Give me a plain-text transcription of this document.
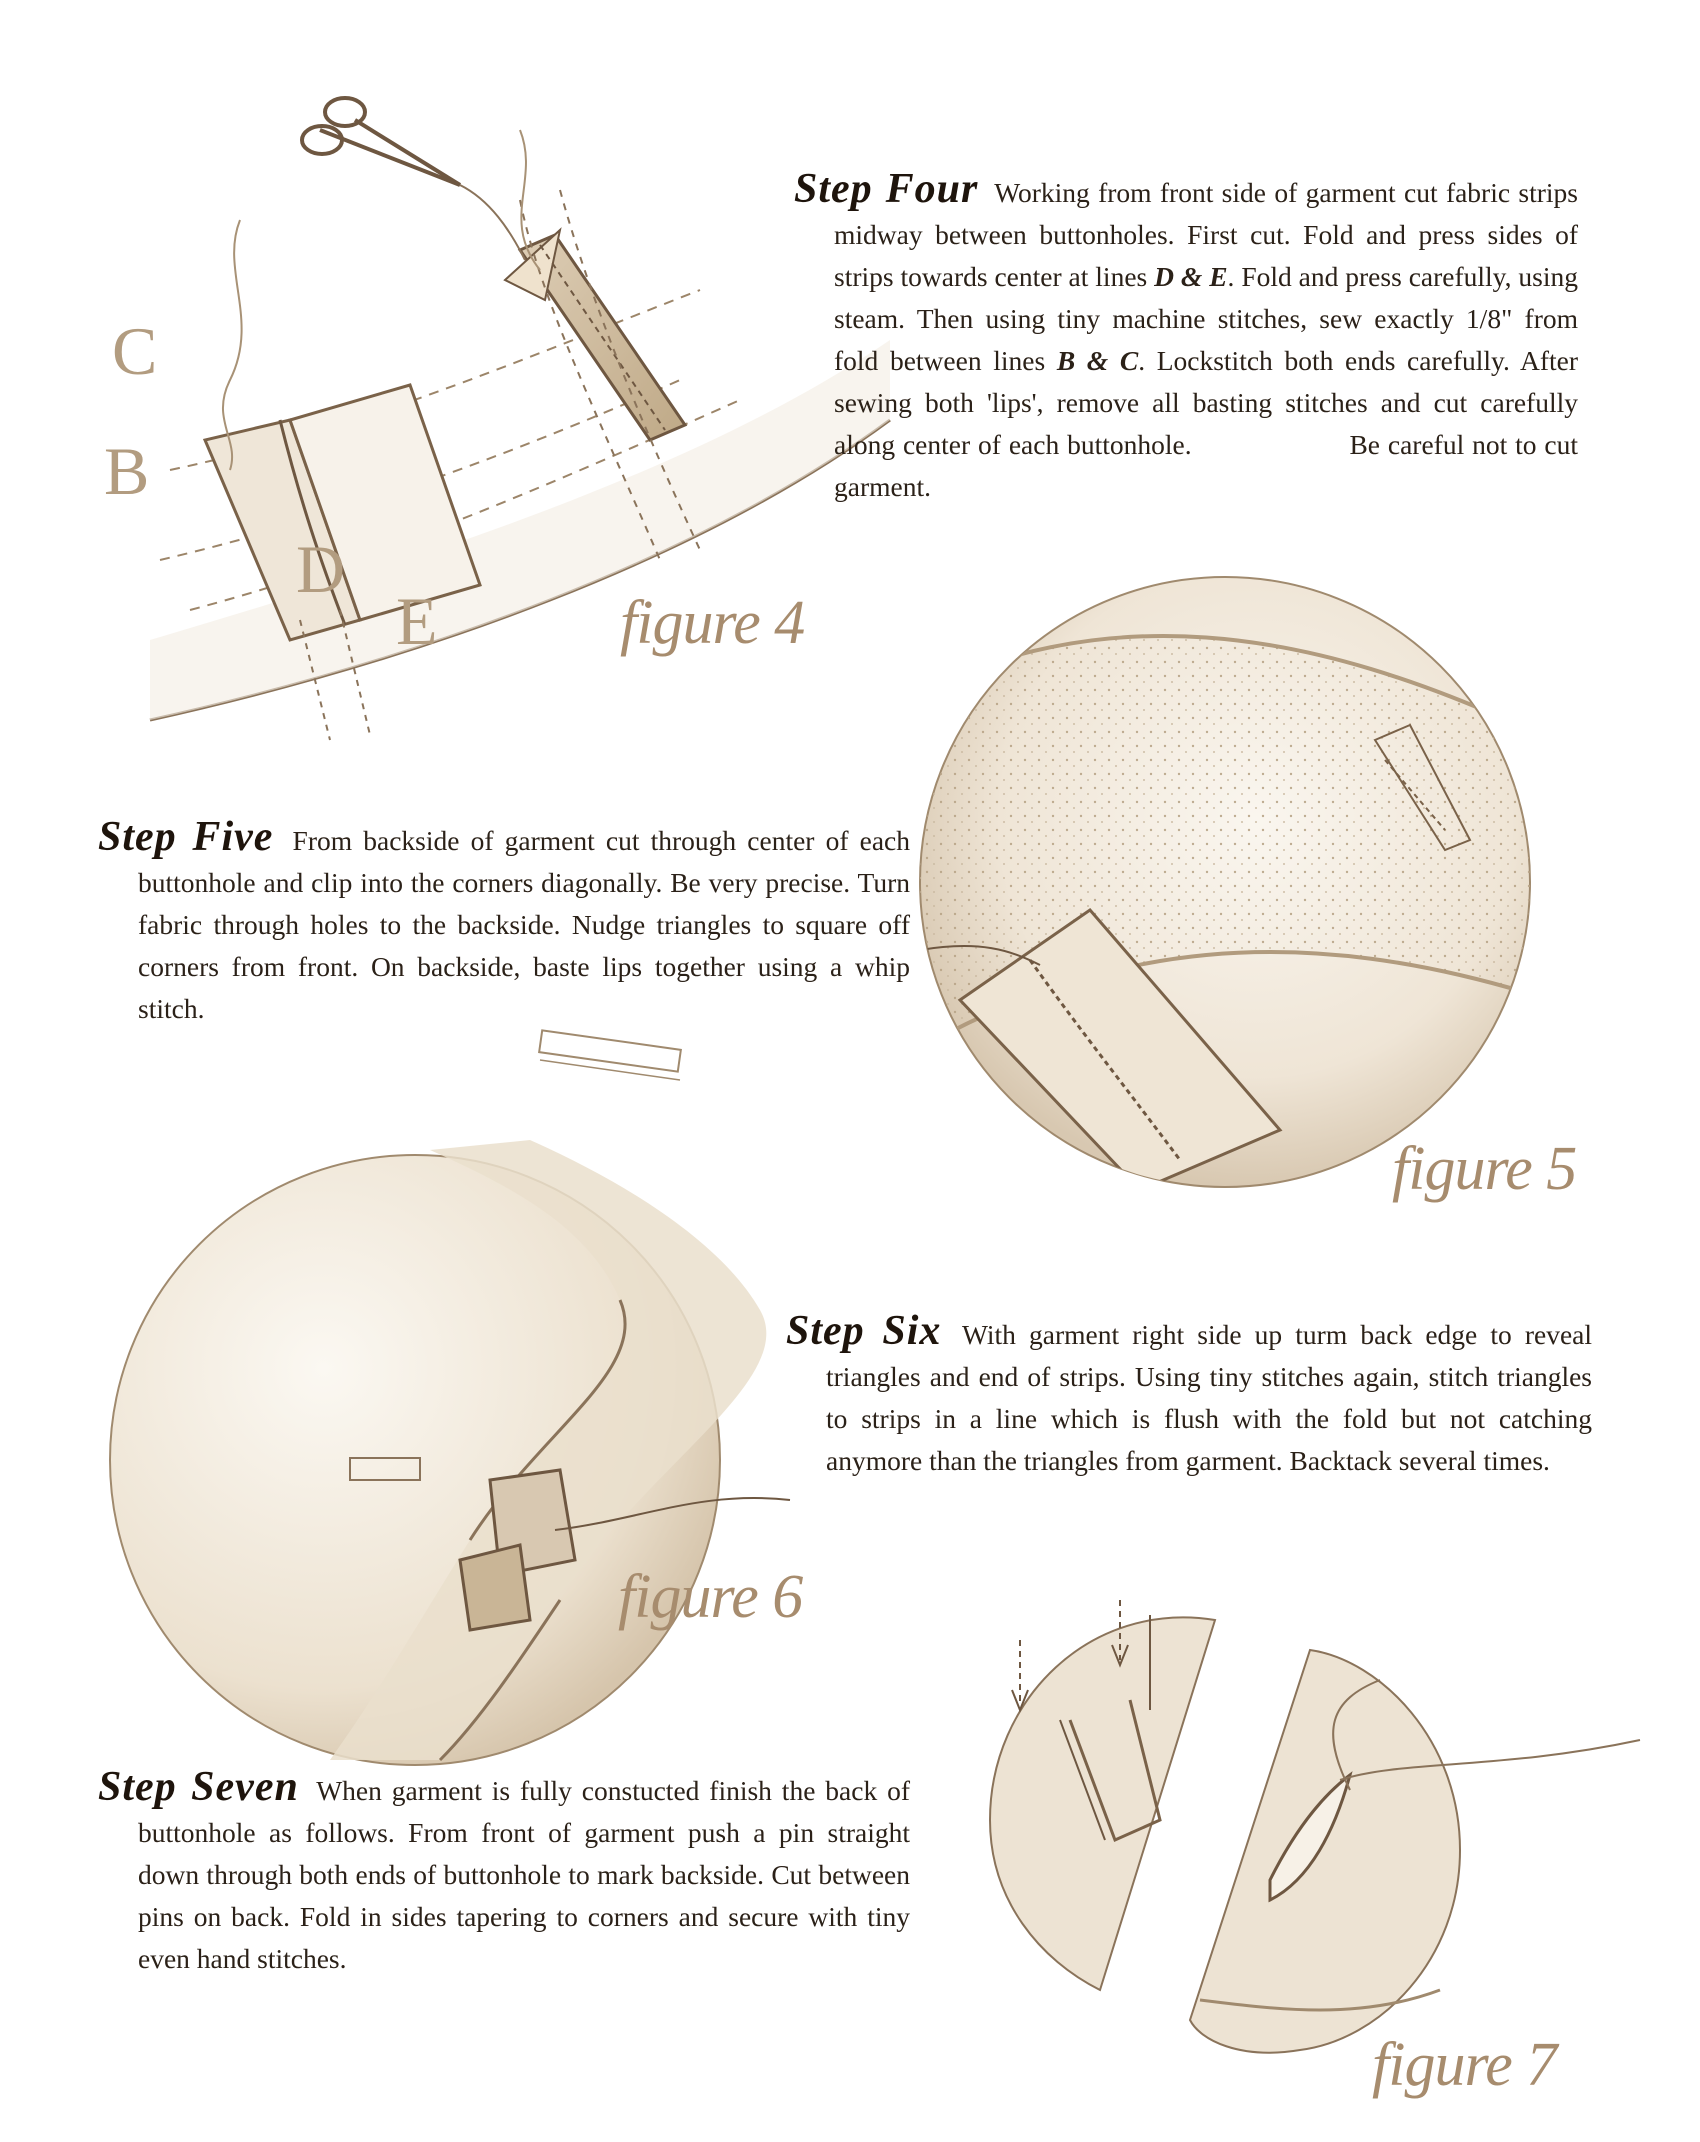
C
B
D
E	figure 4
figure 5
figure 6
figure 7
Step Four Working from front side of garment cut fabric strips midway between buttonholes. First cut. Fold and press sides of strips towards center at lines D & E. Fold and press carefully, using steam. Then using tiny machine stitches, sew exactly 1/8" from fold between lines B & C. Lockstitch both ends carefully. After sewing both 'lips', remove all basting stitches and cut carefully along center of each buttonhole.	Be careful not to cut garment.
Step Five From backside of garment cut through center of each buttonhole and clip into the corners diagonally. Be very precise. Turn fabric through holes to the backside. Nudge triangles to square off corners from front. On backside, baste lips together using a whip stitch.
Step Six With garment right side up turm back edge to reveal triangles and end of strips. Using tiny stitches again, stitch triangles to strips in a line which is flush with the fold but not catching anymore than the triangles from garment. Backtack several times.
Step Seven When garment is fully constucted finish the back of buttonhole as follows. From front of garment push a pin straight down through both ends of buttonhole to mark backside. Cut between pins on back. Fold in sides tapering to corners and secure with tiny even hand stitches.
